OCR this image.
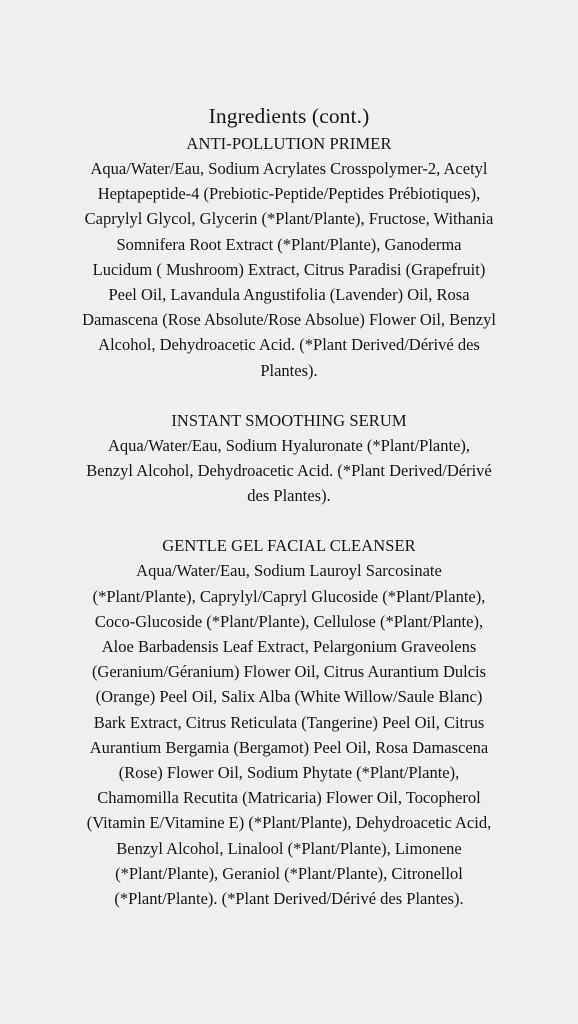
Ingredients (cont.)
ANTI-POLLUTION PRIMER

Aqua/Water/Eau, Sodium Acrylates Crosspolymer-2, Acetyl
Heptapeptide-4 (Prebiotic-Peptide/Peptides Prébiotiques),
Caprylyl Glycol, Glycerin (*Plant/Plante), Fructose, Withania
Somnifera Root Extract (*Plant/Plante), Ganoderma
Lucidum ( Mushroom) Extract, Citrus Paradisi (Grapefruit)
Peel Oil, Lavandula Angustifolia (Lavender) Oil, Rosa
Damascena (Rose Absolute/Rose Absolue) Flower Oil, Benzyl
Alcohol, Dehydroacetic Acid. (*Plant Derived/Dérivé des
Plantes).

INSTANT SMOOTHING SERUM

Aqua/Water/Eau, Sodium Hyaluronate (*Plant/Plante),
Benzyl Alcohol, Dehydroacetic Acid. (*Plant Derived/Dérivé
des Plantes).

GENTLE GEL FACIAL CLEANSER

Aqua/Water/Eau, Sodium Lauroyl Sarcosinate
(*Plant/Plante), Caprylyl/Capryl Glucoside (*Plant/Plante),
Coco-Glucoside (*Plant/Plante), Cellulose (*Plant/Plante),
Aloe Barbadensis Leaf Extract, Pelargonium Graveolens
(Geranium/Géranium) Flower Oil, Citrus Aurantium Dulcis
(Orange) Peel Oil, Salix Alba (White Willow/Saule Blanc)
Bark Extract, Citrus Reticulata (Tangerine) Peel Oil, Citrus
Aurantium Bergamia (Bergamot) Peel Oil, Rosa Damascena
(Rose) Flower Oil, Sodium Phytate (*Plant/Plante),
Chamomilla Recutita (Matricaria) Flower Oil, Tocopherol
(Vitamin E/Vitamine E) (*Plant/Plante), Dehydroacetic Acid,
Benzyl Alcohol, Linalool (*Plant/Plante), Limonene
(*Plant/Plante), Geraniol (*Plant/Plante), Citronellol
(*Plant/Plante). (*Plant Derived/Dérivé des Plantes).
